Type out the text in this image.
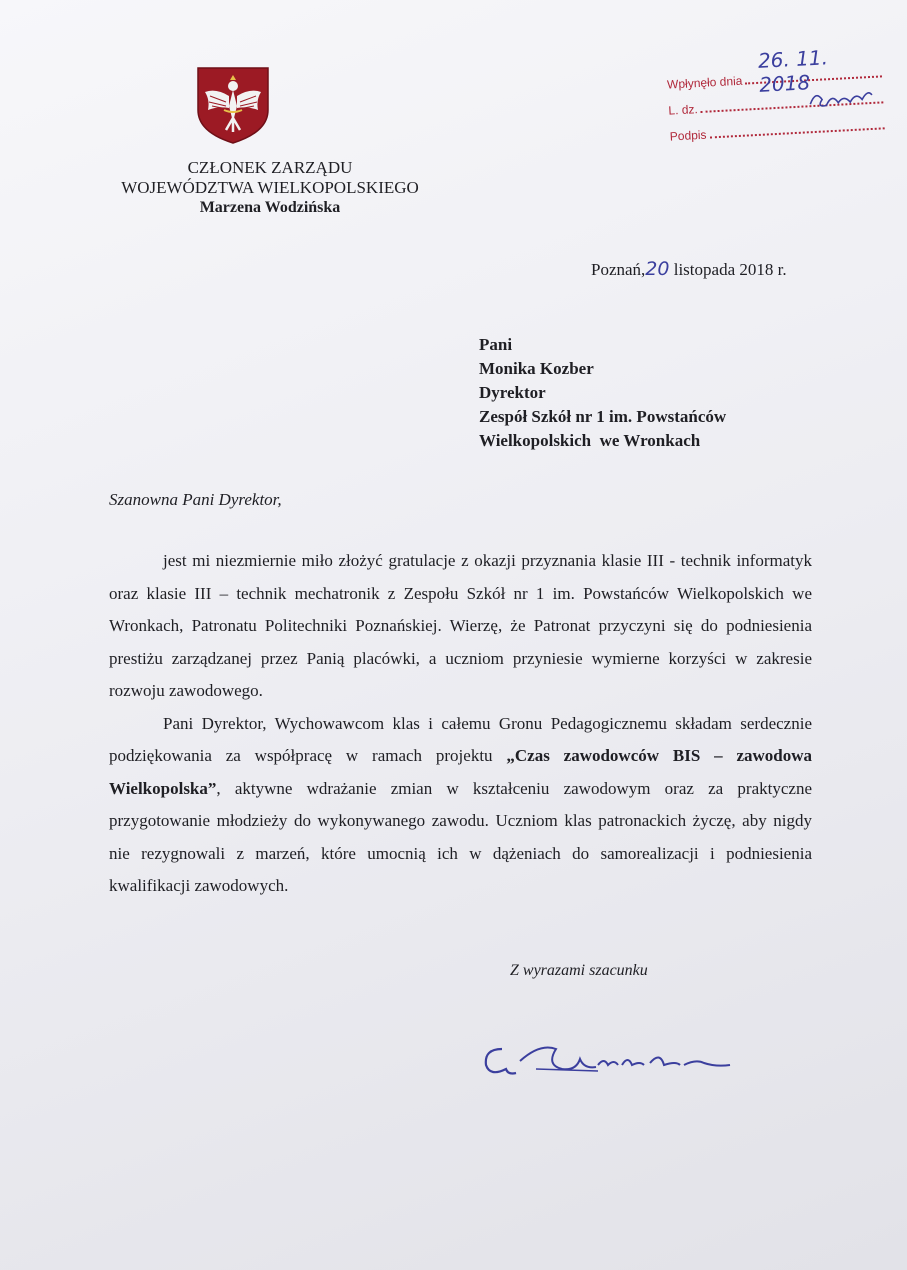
CZŁONEK ZARZĄDU
WOJEWÓDZTWA WIELKOPOLSKIEGO
Marzena Wodzińska
Wpłynęło dnia
26. 11. 2018
L. dz.
Podpis
Poznań,20 listopada 2018 r.
Pani
Monika Kozber
Dyrektor
Zespół Szkół nr 1 im. Powstańców
Wielkopolskich  we Wronkach
Szanowna Pani Dyrektor,

jest mi niezmiernie miło złożyć gratulacje z okazji przyznania klasie III - technik informatyk oraz klasie III – technik mechatronik z Zespołu Szkół nr 1 im. Powstańców Wielkopolskich we Wronkach, Patronatu Politechniki Poznańskiej. Wierzę, że Patronat przyczyni się do podniesienia prestiżu zarządzanej przez Panią placówki, a uczniom przyniesie wymierne korzyści w zakresie rozwoju zawodowego.

Pani Dyrektor, Wychowawcom klas i całemu Gronu Pedagogicznemu składam serdecznie podziękowania za współpracę w ramach projektu „Czas zawodowców BIS – zawodowa Wielkopolska”, aktywne wdrażanie zmian w kształceniu zawodowym oraz za praktyczne przygotowanie młodzieży do wykonywanego zawodu. Uczniom klas patronackich życzę, aby nigdy nie rezygnowali z marzeń, które umocnią ich w dążeniach do samorealizacji i podniesienia kwalifikacji zawodowych.

Z wyrazami szacunku
